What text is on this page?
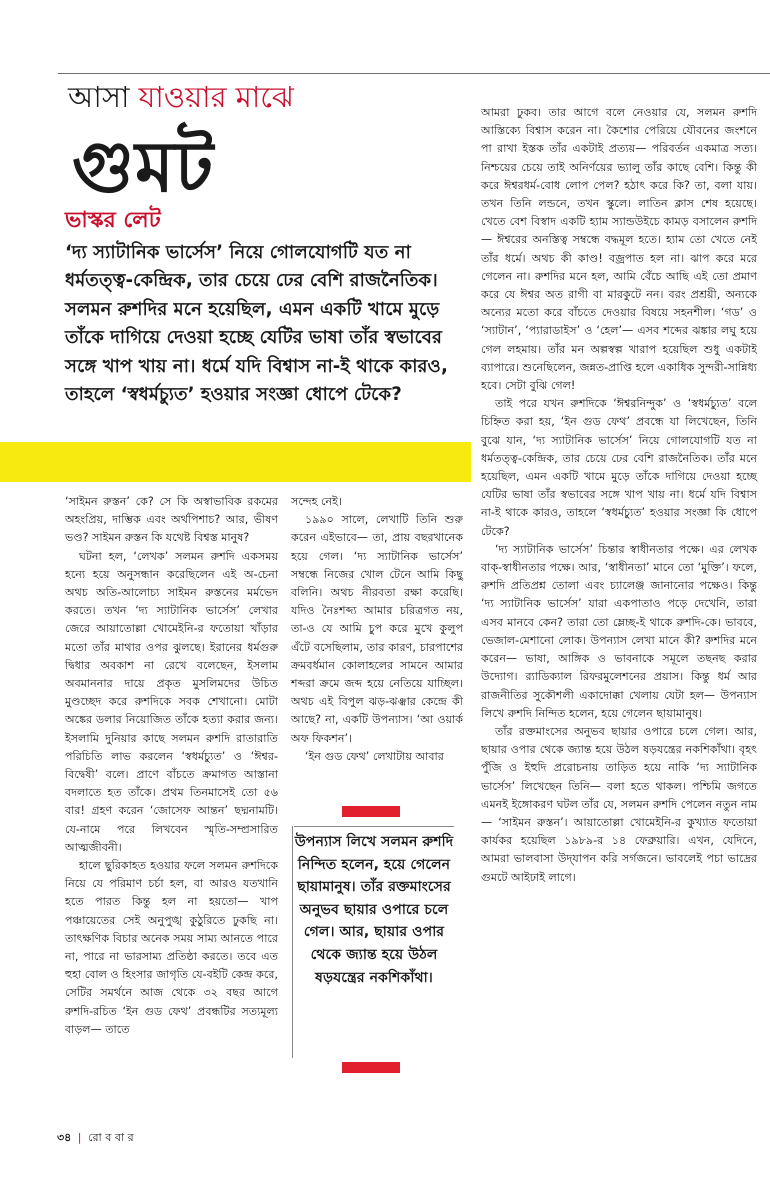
আসা যাওয়ার মাঝে
গুমট
ভাস্কর লেট
‘দ্য স্যাটানিক ভার্সেস’ নিয়ে গোলযোগটি যত না ধর্মতত্ত্ব-কেন্দ্রিক, তার চেয়ে ঢের বেশি রাজনৈতিক। সলমন রুশদির মনে হয়েছিল, এমন একটি খামে মুড়ে তাঁকে দাগিয়ে দেওয়া হচ্ছে যেটির ভাষা তাঁর স্বভাবের সঙ্গে খাপ খায় না। ধর্মে যদি বিশ্বাস না-ই থাকে কারও, তাহলে ‘স্বধর্মচ্যুত’ হওয়ার সংজ্ঞা ধোপে টেকে?

‘সাইমন রুস্তন’ কে? সে কি অস্বাভাবিক রকমের অহংপ্রিয়, দাম্ভিক এবং অর্থপিশাচ? আর, ভীষণ ভণ্ড? সাইমন রুস্তন কি যথেষ্ট বিশ্বস্ত মানুষ?

ঘটনা হল, ‘লেখক’ সলমন রুশদি একসময় হন্যে হয়ে অনুসন্ধান করেছিলেন এই অ-চেনা অথচ অতি-আলোচ্য সাইমন রুস্তনের মর্মভেদ করতে। তখন ‘দ্য স্যাটানিক ভার্সেস’ লেখার জেরে আয়াতোল্লা খোমেইনি-র ফতোয়া খাঁড়ার মতো তাঁর মাথার ওপর ঝুলছে। ইরানের ধর্মগুরু দ্বিধার অবকাশ না রেখে বলেছেন, ইসলাম অবমাননার দায়ে প্রকৃত মুসলিমদের উচিত মুণ্ডচ্ছেদ করে রুশদিকে সবক শেখানো। মোটা অঙ্কের ডলার নিয়োজিত তাঁকে হত্যা করার জন্য। ইসলামি দুনিয়ার কাছে সলমন রুশদি রাতারাতি পরিচিতি লাভ করলেন ‘স্বধর্মচ্যুত’ ও ‘ঈশ্বর-বিদ্বেষী’ বলে। প্রাণে বাঁচতে ক্রমাগত আস্তানা বদলাতে হত তাঁকে। প্রথম তিনমাসেই তো ৫৬ বার! গ্রহণ করেন ‘জোসেফ আন্তন’ ছদ্মনামটি। যে-নামে পরে লিখবেন স্মৃতি-সম্প্রসারিত আত্মজীবনী।

হালে ছুরিকাহত হওয়ার ফলে সলমন রুশদিকে নিয়ে যে পরিমাণ চর্চা হল, বা আরও যতখানি হতে পারত কিন্তু হল না হয়তো— খাপ পঞ্চায়েতের সেই অনুপুঙ্খ কুঠুরিতে ঢুকছি না। তাৎক্ষণিক বিচার অনেক সময় সাম্য আনতে পারে না, পারে না ভারসাম্য প্রতিষ্ঠা করতে। তবে এত হুহা বোল ও হিংসার জাগৃতি যে-বইটি কেন্দ্র করে, সেটির সমর্থনে আজ থেকে ৩২ বছর আগে রুশদি-রচিত ‘ইন গুড ফেথ’ প্রবন্ধটির সত্যমূল্য বাড়ল— তাতে

সন্দেহ নেই।

১৯৯০ সালে, লেখাটি তিনি শুরু করেন এইভাবে— তা, প্রায় বছরখানেক হয়ে গেল। ‘দ্য স্যাটানিক ভার্সেস’ সম্বন্ধে নিজের খোল টেনে আমি কিছু বলিনি। অথচ নীরবতা রক্ষা করেছি। যদিও নৈঃশব্দ্য আমার চরিত্রগত নয়, তা-ও যে আমি চুপ করে মুখে কুলুপ এঁটে বসেছিলাম, তার কারণ, চারপাশের ক্রমবর্ধমান কোলাহলের সামনে আমার শব্দরা ক্রমে জব্দ হয়ে নেতিয়ে যাচ্ছিল। অথচ এই বিপুল ঝড়-ঝঞ্ঝার কেন্দ্রে কী আছে? না, একটি উপন্যাস। ‘আ ওয়ার্ক অফ ফিকশন’।

‘ইন গুড ফেথ’ লেখাটায় আবার

উপন্যাস লিখে সলমন রুশদি নিন্দিত হলেন, হয়ে গেলেন ছায়ামানুষ। তাঁর রক্তমাংসের অনুভব ছায়ার ওপারে চলে গেল। আর, ছায়ার ওপার থেকে জ্যান্ত হয়ে উঠল ষড়যন্ত্রের নকশিকাঁথা।

আমরা ঢুকব। তার আগে বলে নেওয়ার যে, সলমন রুশদি আস্তিক্যে বিশ্বাস করেন না। কৈশোর পেরিয়ে যৌবনের জংশনে পা রাখা ইস্তক তাঁর একটাই প্রত্যয়— পরিবর্তন একমাত্র সত্য। নিশ্চয়ের চেয়ে তাই অনির্ণয়ের ভ্যালু তাঁর কাছে বেশি। কিন্তু কী করে ঈশ্বরধর্ম-বোধ লোপ পেল? হঠাৎ করে কি? তা, বলা যায়। তখন তিনি লন্ডনে, তখন স্কুলে। লাতিন ক্লাস শেষ হয়েছে। খেতে বেশ বিস্বাদ একটি হ্যাম স্যান্ডউইচে কামড় বসালেন রুশদি— ঈশ্বরের অনস্তিত্ব সম্বন্ধে বদ্ধমূল হতে। হ্যাম তো খেতে নেই তাঁর ধর্মে। অথচ কী কাণ্ড! বজ্রপাত হল না। ঝাপ করে মরে গেলেন না। রুশদির মনে হল, আমি বেঁচে আছি এই তো প্রমাণ করে যে ঈশ্বর অত রাগী বা মারকুটে নন। বরং প্রশ্রয়ী, অন্যকে অন্যের মতো করে বাঁচতে দেওয়ার বিষয়ে সহনশীল। ‘গড’ ও ‘স্যাটান’, ‘প্যারাডাইস’ ও ‘হেল’— এসব শব্দের ঝঙ্কার লঘু হয়ে গেল লহমায়। তাঁর মন অল্পস্বল্প খারাপ হয়েছিল শুধু একটাই ব্যাপারে। শুনেছিলেন, জন্নত-প্রাপ্তি হলে একাধিক সুন্দরী-সান্নিধ্য হবে। সেটা বুঝি গেল!

তাই পরে যখন রুশদিকে ‘ঈশ্বরনিন্দুক’ ও ‘স্বধর্মচ্যুত’ বলে চিহ্নিত করা হয়, ‘ইন গুড ফেথ’ প্রবন্ধে যা লিখেছেন, তিনি বুঝে যান, ‘দ্য স্যাটানিক ভার্সেস’ নিয়ে গোলযোগটি যত না ধর্মতত্ত্ব-কেন্দ্রিক, তার চেয়ে ঢের বেশি রাজনৈতিক। তাঁর মনে হয়েছিল, এমন একটি খামে মুড়ে তাঁকে দাগিয়ে দেওয়া হচ্ছে যেটির ভাষা তাঁর স্বভাবের সঙ্গে খাপ খায় না। ধর্মে যদি বিশ্বাস না-ই থাকে কারও, তাহলে ‘স্বধর্মচ্যুত’ হওয়ার সংজ্ঞা কি ধোপে টেকে?

‘দ্য স্যাটানিক ভার্সেস’ চিন্তার স্বাধীনতার পক্ষে। এর লেখক বাক্-স্বাধীনতার পক্ষে। আর, ‘স্বাধীনতা’ মানে তো ‘মুক্তি’। ফলে, রুশদি প্রতিপ্রশ্ন তোলা এবং চ্যালেঞ্জ জানানোর পক্ষেও। কিন্তু ‘দ্য স্যাটানিক ভার্সেস’ যারা একপাতাও পড়ে দেখেনি, তারা এসব মানবে কেন? তারা তো ম্লেচ্ছ-ই থাকে রুশদি-কে। ভাববে, ভেজাল-মেশানো লোক। উপন্যাস লেখা মানে কী? রুশদির মনে করেন— ভাষা, আঙ্গিক ও ভাবনাকে সমূলে তছনছ করার উদ্যোগ। র‍্যাডিক্যাল রিফরমুলেশনের প্রয়াস। কিন্তু ধর্ম আর রাজনীতির সুকৌশলী একাদোক্কা খেলায় যেটা হল— উপন্যাস লিখে রুশদি নিন্দিত হলেন, হয়ে গেলেন ছায়ামানুষ।

তাঁর রক্তমাংসের অনুভব ছায়ার ওপারে চলে গেল। আর, ছায়ার ওপার থেকে জ্যান্ত হয়ে উঠল ষড়যন্ত্রের নকশিকাঁথা। বৃহৎ পুঁজি ও ইহুদি প্ররোচনায় তাড়িত হয়ে নাকি ‘দ্য স্যাটানিক ভার্সেস’ লিখেছেন তিনি— বলা হতে থাকল। পশ্চিমি জগতে এমনই ইঙ্গোকরণ ঘটল তাঁর যে, সলমন রুশদি পেলেন নতুন নাম— ‘সাইমন রুস্তন’। আয়াতোল্লা খোমেইনি-র কুখ্যাত ফতোয়া কার্যকর হয়েছিল ১৯৮৯-র ১৪ ফেব্রুয়ারি। এখন, যেদিনে, আমরা ভালবাসা উদ্‌যাপন করি সর্গজনে। ভাবলেই পচা ভাদ্রের গুমটে আইঢাই লাগে।

৩৪ | রো ব বা র
